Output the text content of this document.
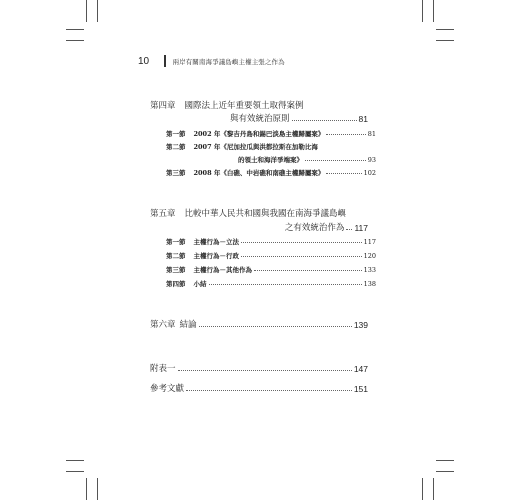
10	兩岸有關南海爭議島嶼主權主張之作為
第四章 國際法上近年重要領土取得案例
與有效統治原則	81
第一節 2002 年《黎吉丹島和錫巴淡島主權歸屬案》	81
第二節 2007 年《尼加拉瓜與洪都拉斯在加勒比海
的領土和海洋爭端案》	93
第三節 2008 年《白礁、中岩礁和南礁主權歸屬案》	102
第五章 比較中華人民共和國與我國在南海爭議島嶼
之有效統治作為 117
第一節 主權行為－立法	117
第二節 主權行為－行政	120
第三節 主權行為－其他作為	133
第四節 小結	138
第六章 結論	139
附表一	147
參考文獻	151
